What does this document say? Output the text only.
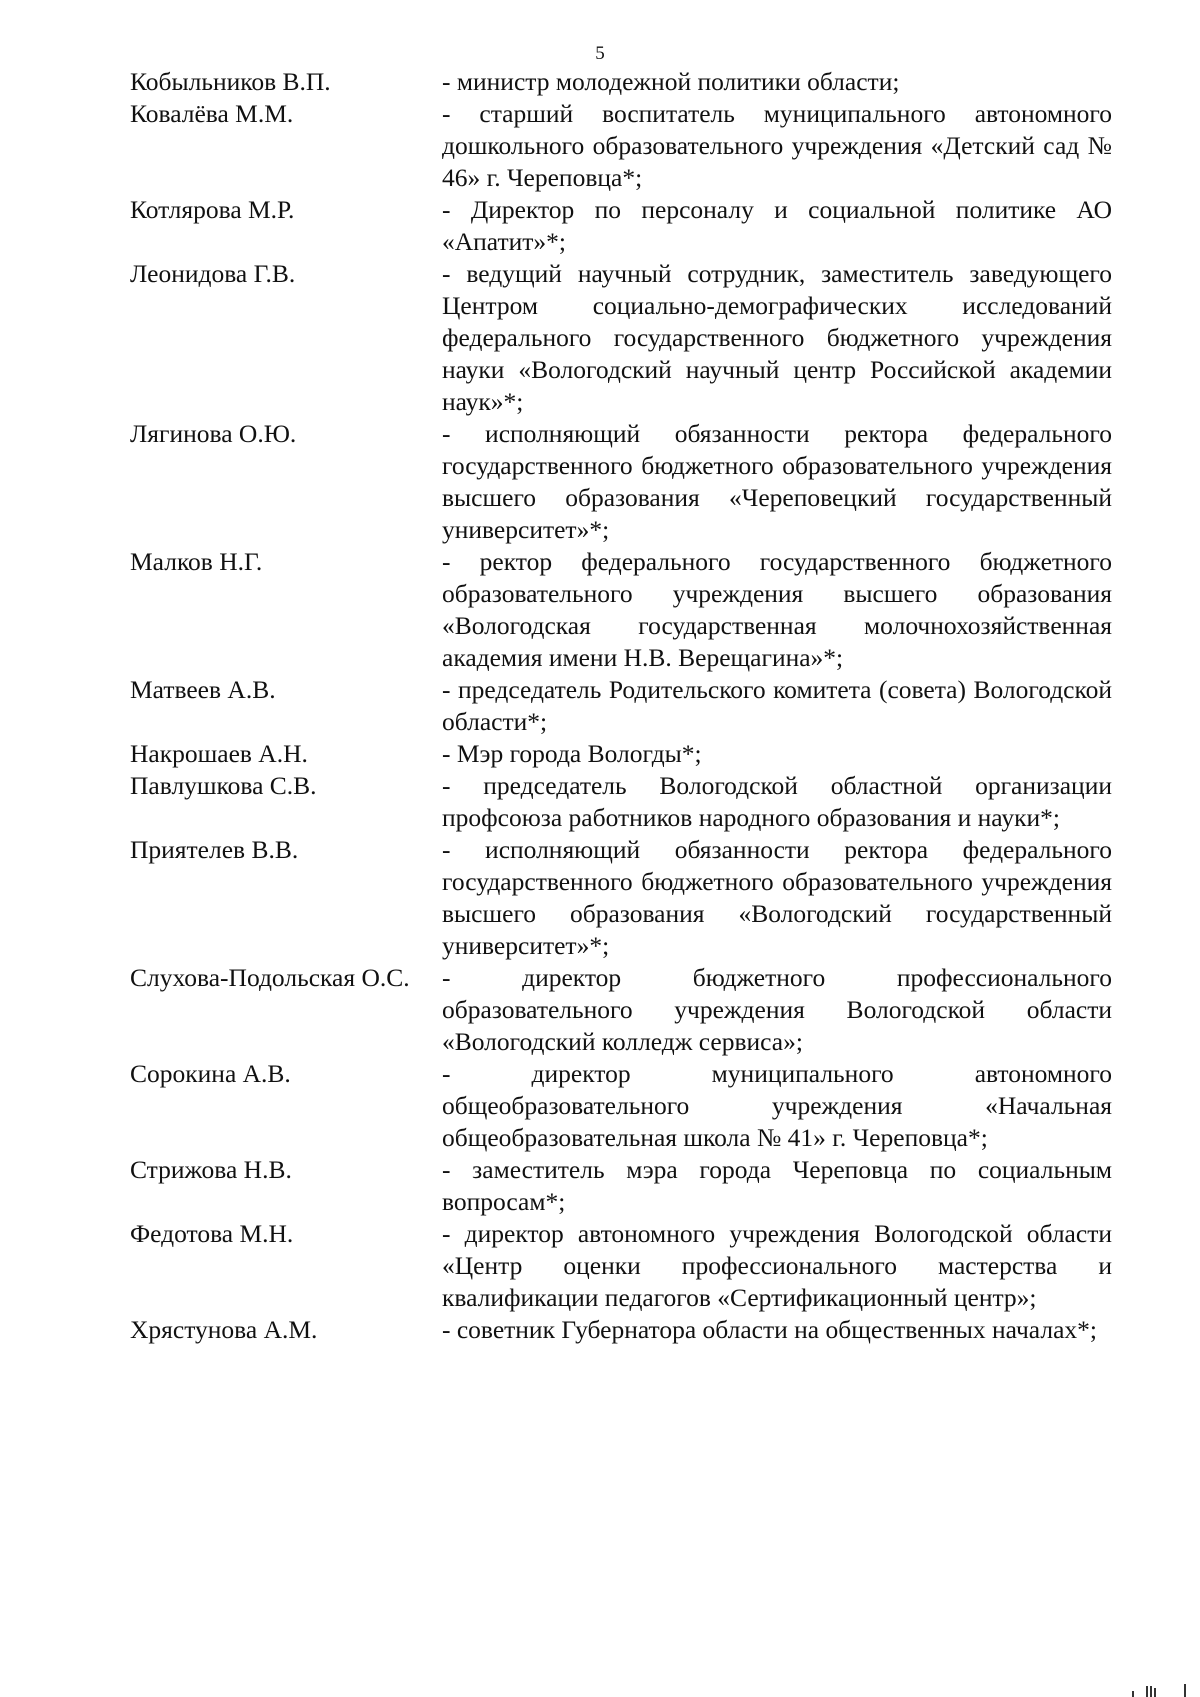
5
Кобыльников В.П.	- министр молодежной политики области;
Ковалёва М.М.	- старший воспитатель муниципального автономного дошкольного образовательного учреждения «Детский сад № 46» г. Череповца*;
Котлярова М.Р.	- Директор по персоналу и социальной политике АО «Апатит»*;
Леонидова Г.В.	- ведущий научный сотрудник, заместитель заведующего Центром социально-демографических исследований федерального государственного бюджетного учреждения науки «Вологодский научный центр Российской академии наук»*;
Лягинова О.Ю.	- исполняющий обязанности ректора федерального государственного бюджетного образовательного учреждения высшего образования «Череповецкий государственный университет»*;
Малков Н.Г.	- ректор федерального государственного бюджетного образовательного учреждения высшего образования «Вологодская государственная молочнохозяйственная академия имени Н.В. Верещагина»*;
Матвеев А.В.	- председатель Родительского комитета (совета) Вологодской области*;
Накрошаев А.Н.	- Мэр города Вологды*;
Павлушкова С.В.	- председатель Вологодской областной организации профсоюза работников народного образования и науки*;
Приятелев В.В.	- исполняющий обязанности ректора федерального государственного бюджетного образовательного учреждения высшего образования «Вологодский государственный университет»*;
Слухова-Подольская О.С.	- директор бюджетного профессионального образовательного учреждения Вологодской области «Вологодский колледж сервиса»;
Сорокина А.В.	- директор муниципального автономного общеобразовательного учреждения «Начальная общеобразовательная школа № 41» г. Череповца*;
Стрижова Н.В.	- заместитель мэра города Череповца по социальным вопросам*;
Федотова М.Н.	- директор автономного учреждения Вологодской области «Центр оценки профессионального мастерства и квалификации педагогов «Сертификационный центр»;
Хрястунова А.М.	- советник Губернатора области на общественных началах*;
